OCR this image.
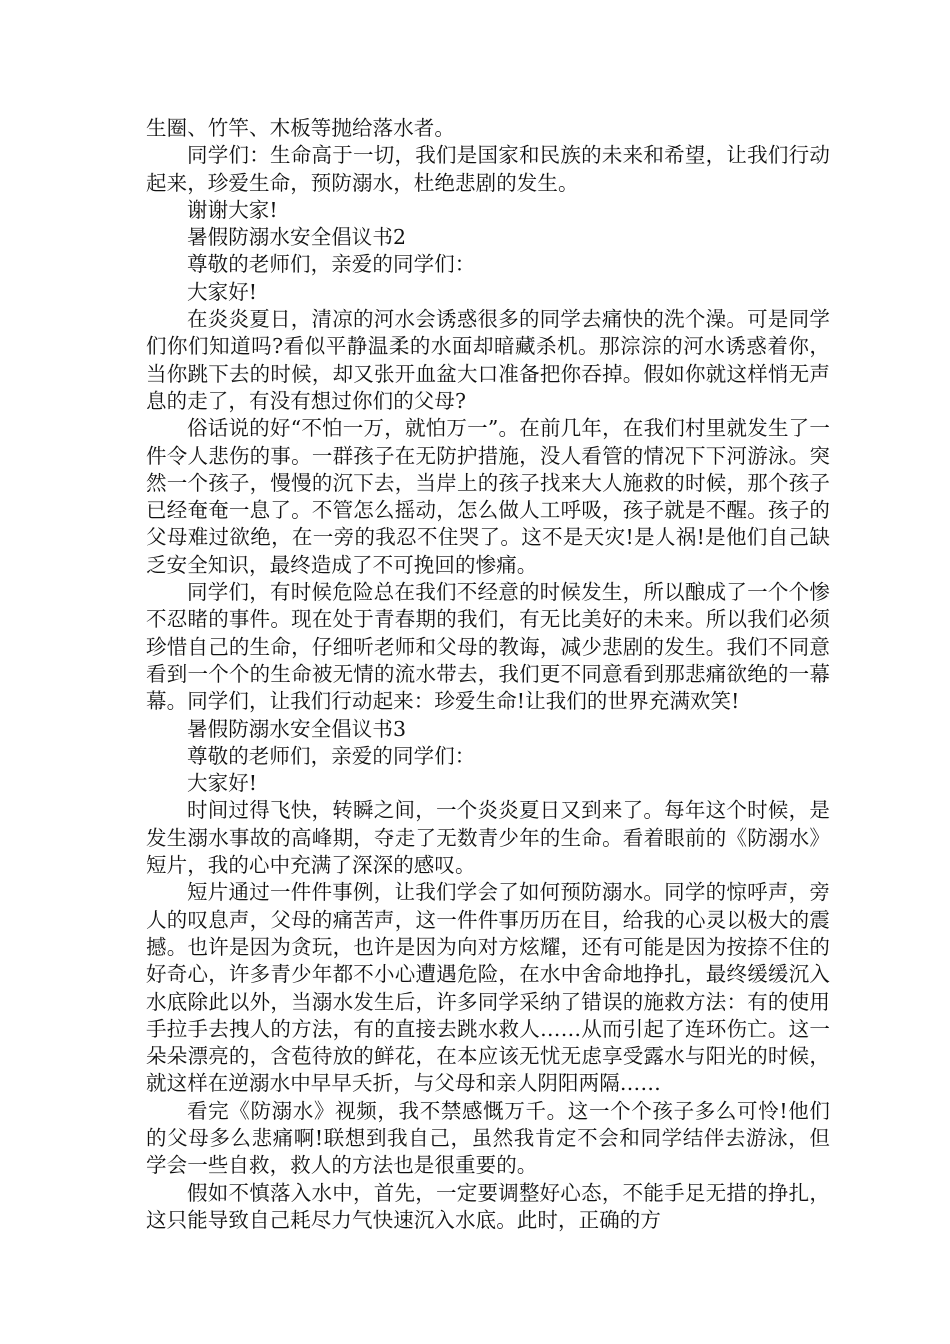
生圈、竹竿、木板等抛给落水者。

同学们：生命高于一切，我们是国家和民族的未来和希望，让我们行动起来，珍爱生命，预防溺水，杜绝悲剧的发生。

谢谢大家!

暑假防溺水安全倡议书2

尊敬的老师们，亲爱的同学们：

大家好!

在炎炎夏日，清凉的河水会诱惑很多的同学去痛快的洗个澡。可是同学们你们知道吗?看似平静温柔的水面却暗藏杀机。那淙淙的河水诱惑着你，当你跳下去的时候，却又张开血盆大口准备把你吞掉。假如你就这样悄无声息的走了，有没有想过你们的父母?

俗话说的好“不怕一万，就怕万一”。在前几年，在我们村里就发生了一件令人悲伤的事。一群孩子在无防护措施，没人看管的情况下下河游泳。突然一个孩子，慢慢的沉下去，当岸上的孩子找来大人施救的时候，那个孩子已经奄奄一息了。不管怎么摇动，怎么做人工呼吸，孩子就是不醒。孩子的父母难过欲绝，在一旁的我忍不住哭了。这不是天灾!是人祸!是他们自己缺乏安全知识，最终造成了不可挽回的惨痛。

同学们，有时候危险总在我们不经意的时候发生，所以酿成了一个个惨不忍睹的事件。现在处于青春期的我们，有无比美好的未来。所以我们必须珍惜自己的生命，仔细听老师和父母的教诲，减少悲剧的发生。我们不同意看到一个个的生命被无情的流水带去，我们更不同意看到那悲痛欲绝的一幕幕。同学们，让我们行动起来：珍爱生命!让我们的世界充满欢笑!

暑假防溺水安全倡议书3

尊敬的老师们，亲爱的同学们：

大家好!

时间过得飞快，转瞬之间，一个炎炎夏日又到来了。每年这个时候，是发生溺水事故的高峰期，夺走了无数青少年的生命。看着眼前的《防溺水》短片，我的心中充满了深深的感叹。

短片通过一件件事例，让我们学会了如何预防溺水。同学的惊呼声，旁人的叹息声，父母的痛苦声，这一件件事历历在目，给我的心灵以极大的震撼。也许是因为贪玩，也许是因为向对方炫耀，还有可能是因为按捺不住的好奇心，许多青少年都不小心遭遇危险，在水中舍命地挣扎，最终缓缓沉入水底除此以外，当溺水发生后，许多同学采纳了错误的施救方法：有的使用手拉手去拽人的方法，有的直接去跳水救人……从而引起了连环伤亡。这一朵朵漂亮的，含苞待放的鲜花，在本应该无忧无虑享受露水与阳光的时候，就这样在逆溺水中早早夭折，与父母和亲人阴阳两隔……

看完《防溺水》视频，我不禁感慨万千。这一个个孩子多么可怜!他们的父母多么悲痛啊!联想到我自己，虽然我肯定不会和同学结伴去游泳，但学会一些自救，救人的方法也是很重要的。

假如不慎落入水中，首先，一定要调整好心态，不能手足无措的挣扎，这只能导致自己耗尽力气快速沉入水底。此时，正确的方
